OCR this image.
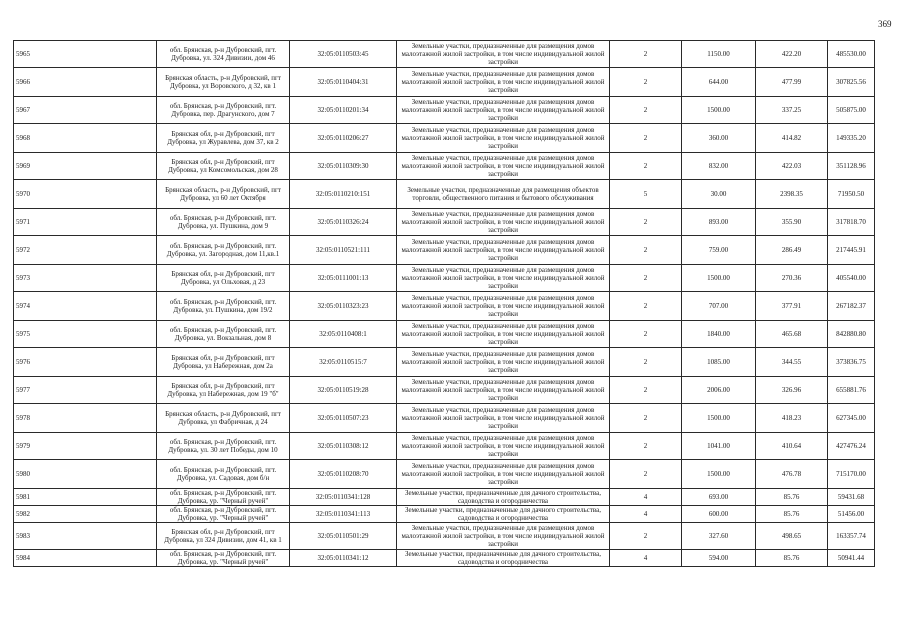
369
5965	обл. Брянская, р-н Дубровский, пгт. Дубровка, ул. 324 Дивизии, дом 46	32:05:0110503:45	Земельные участки, предназначенные для размещения домов малоэтажной жилой застройки, в том числе индивидуальной жилой застройки	2	1150.00	422.20	485530.00
5966	Брянская область, р-н Дубровский, пгт Дубровка, ул Воровского, д 32, кв 1	32:05:0110404:31	Земельные участки, предназначенные для размещения домов малоэтажной жилой застройки, в том числе индивидуальной жилой застройки	2	644.00	477.99	307825.56
5967	обл. Брянская, р-н Дубровский, пгт. Дубровка, пер. Драгунского, дом 7	32:05:0110201:34	Земельные участки, предназначенные для размещения домов малоэтажной жилой застройки, в том числе индивидуальной жилой застройки	2	1500.00	337.25	505875.00
5968	Брянская обл, р-н Дубровский, пгт Дубровка, ул Журавлева, дом 37, кв 2	32:05:0110206:27	Земельные участки, предназначенные для размещения домов малоэтажной жилой застройки, в том числе индивидуальной жилой застройки	2	360.00	414.82	149335.20
5969	Брянская обл, р-н Дубровский, пгт Дубровка, ул Комсомольская, дом 28	32:05:0110309:30	Земельные участки, предназначенные для размещения домов малоэтажной жилой застройки, в том числе индивидуальной жилой застройки	2	832.00	422.03	351128.96
5970	Брянская область, р-н Дубровский, пгт Дубровка, ул 60 лет Октября	32:05:0110210:151	Земельные участки, предназначенные для размещения объектов торговли, общественного питания и бытового обслуживания	5	30.00	2398.35	71950.50
5971	обл. Брянская, р-н Дубровский, пгт. Дубровка, ул. Пушкина, дом 9	32:05:0110326:24	Земельные участки, предназначенные для размещения домов малоэтажной жилой застройки, в том числе индивидуальной жилой застройки	2	893.00	355.90	317818.70
5972	обл. Брянская, р-н Дубровский, пгт. Дубровка, ул. Загородная, дом 11,кв.1	32:05:0110521:111	Земельные участки, предназначенные для размещения домов малоэтажной жилой застройки, в том числе индивидуальной жилой застройки	2	759.00	286.49	217445.91
5973	Брянская обл, р-н Дубровский, пгт Дубровка, ул Ольховая, д 23	32:05:0111001:13	Земельные участки, предназначенные для размещения домов малоэтажной жилой застройки, в том числе индивидуальной жилой застройки	2	1500.00	270.36	405540.00
5974	обл. Брянская, р-н Дубровский, пгт. Дубровка, ул. Пушкина, дом 19/2	32:05:0110323:23	Земельные участки, предназначенные для размещения домов малоэтажной жилой застройки, в том числе индивидуальной жилой застройки	2	707.00	377.91	267182.37
5975	обл. Брянская, р-н Дубровский, пгт. Дубровка, ул. Вокзальная, дом 8	32:05:0110408:1	Земельные участки, предназначенные для размещения домов малоэтажной жилой застройки, в том числе индивидуальной жилой застройки	2	1840.00	465.68	842880.80
5976	Брянская обл, р-н Дубровский, пгт Дубровка, ул Набережная, дом 2а	32:05:0110515:7	Земельные участки, предназначенные для размещения домов малоэтажной жилой застройки, в том числе индивидуальной жилой застройки	2	1085.00	344.55	373836.75
5977	Брянская обл, р-н Дубровский, пгт Дубровка, ул Набережная, дом 19 "б"	32:05:0110519:28	Земельные участки, предназначенные для размещения домов малоэтажной жилой застройки, в том числе индивидуальной жилой застройки	2	2006.00	326.96	655881.76
5978	Брянская область, р-н Дубровский, пгт Дубровка, ул Фабричная, д 24	32:05:0110507:23	Земельные участки, предназначенные для размещения домов малоэтажной жилой застройки, в том числе индивидуальной жилой застройки	2	1500.00	418.23	627345.00
5979	обл. Брянская, р-н Дубровский, пгт. Дубровка, ул. 30 лет Победы, дом 10	32:05:0110308:12	Земельные участки, предназначенные для размещения домов малоэтажной жилой застройки, в том числе индивидуальной жилой застройки	2	1041.00	410.64	427476.24
5980	обл. Брянская, р-н Дубровский, пгт. Дубровка, ул. Садовая, дом б/н	32:05:0110208:70	Земельные участки, предназначенные для размещения домов малоэтажной жилой застройки, в том числе индивидуальной жилой застройки	2	1500.00	476.78	715170.00
5981	обл. Брянская, р-н Дубровский, пгт. Дубровка, ур. "Черный ручей"	32:05:0110341:128	Земельные участки, предназначенные для дачного строительства, садоводства и огородничества	4	693.00	85.76	59431.68
5982	обл. Брянская, р-н Дубровский, пгт. Дубровка, ур. "Черный ручей"	32:05:0110341:113	Земельные участки, предназначенные для дачного строительства, садоводства и огородничества	4	600.00	85.76	51456.00
5983	Брянская обл, р-н Дубровский, пгт Дубровка, ул 324 Дивизии, дом 41, кв 1	32:05:0110501:29	Земельные участки, предназначенные для размещения домов малоэтажной жилой застройки, в том числе индивидуальной жилой застройки	2	327.60	498.65	163357.74
5984	обл. Брянская, р-н Дубровский, пгт. Дубровка, ур. "Черный ручей"	32:05:0110341:12	Земельные участки, предназначенные для дачного строительства, садоводства и огородничества	4	594.00	85.76	50941.44
